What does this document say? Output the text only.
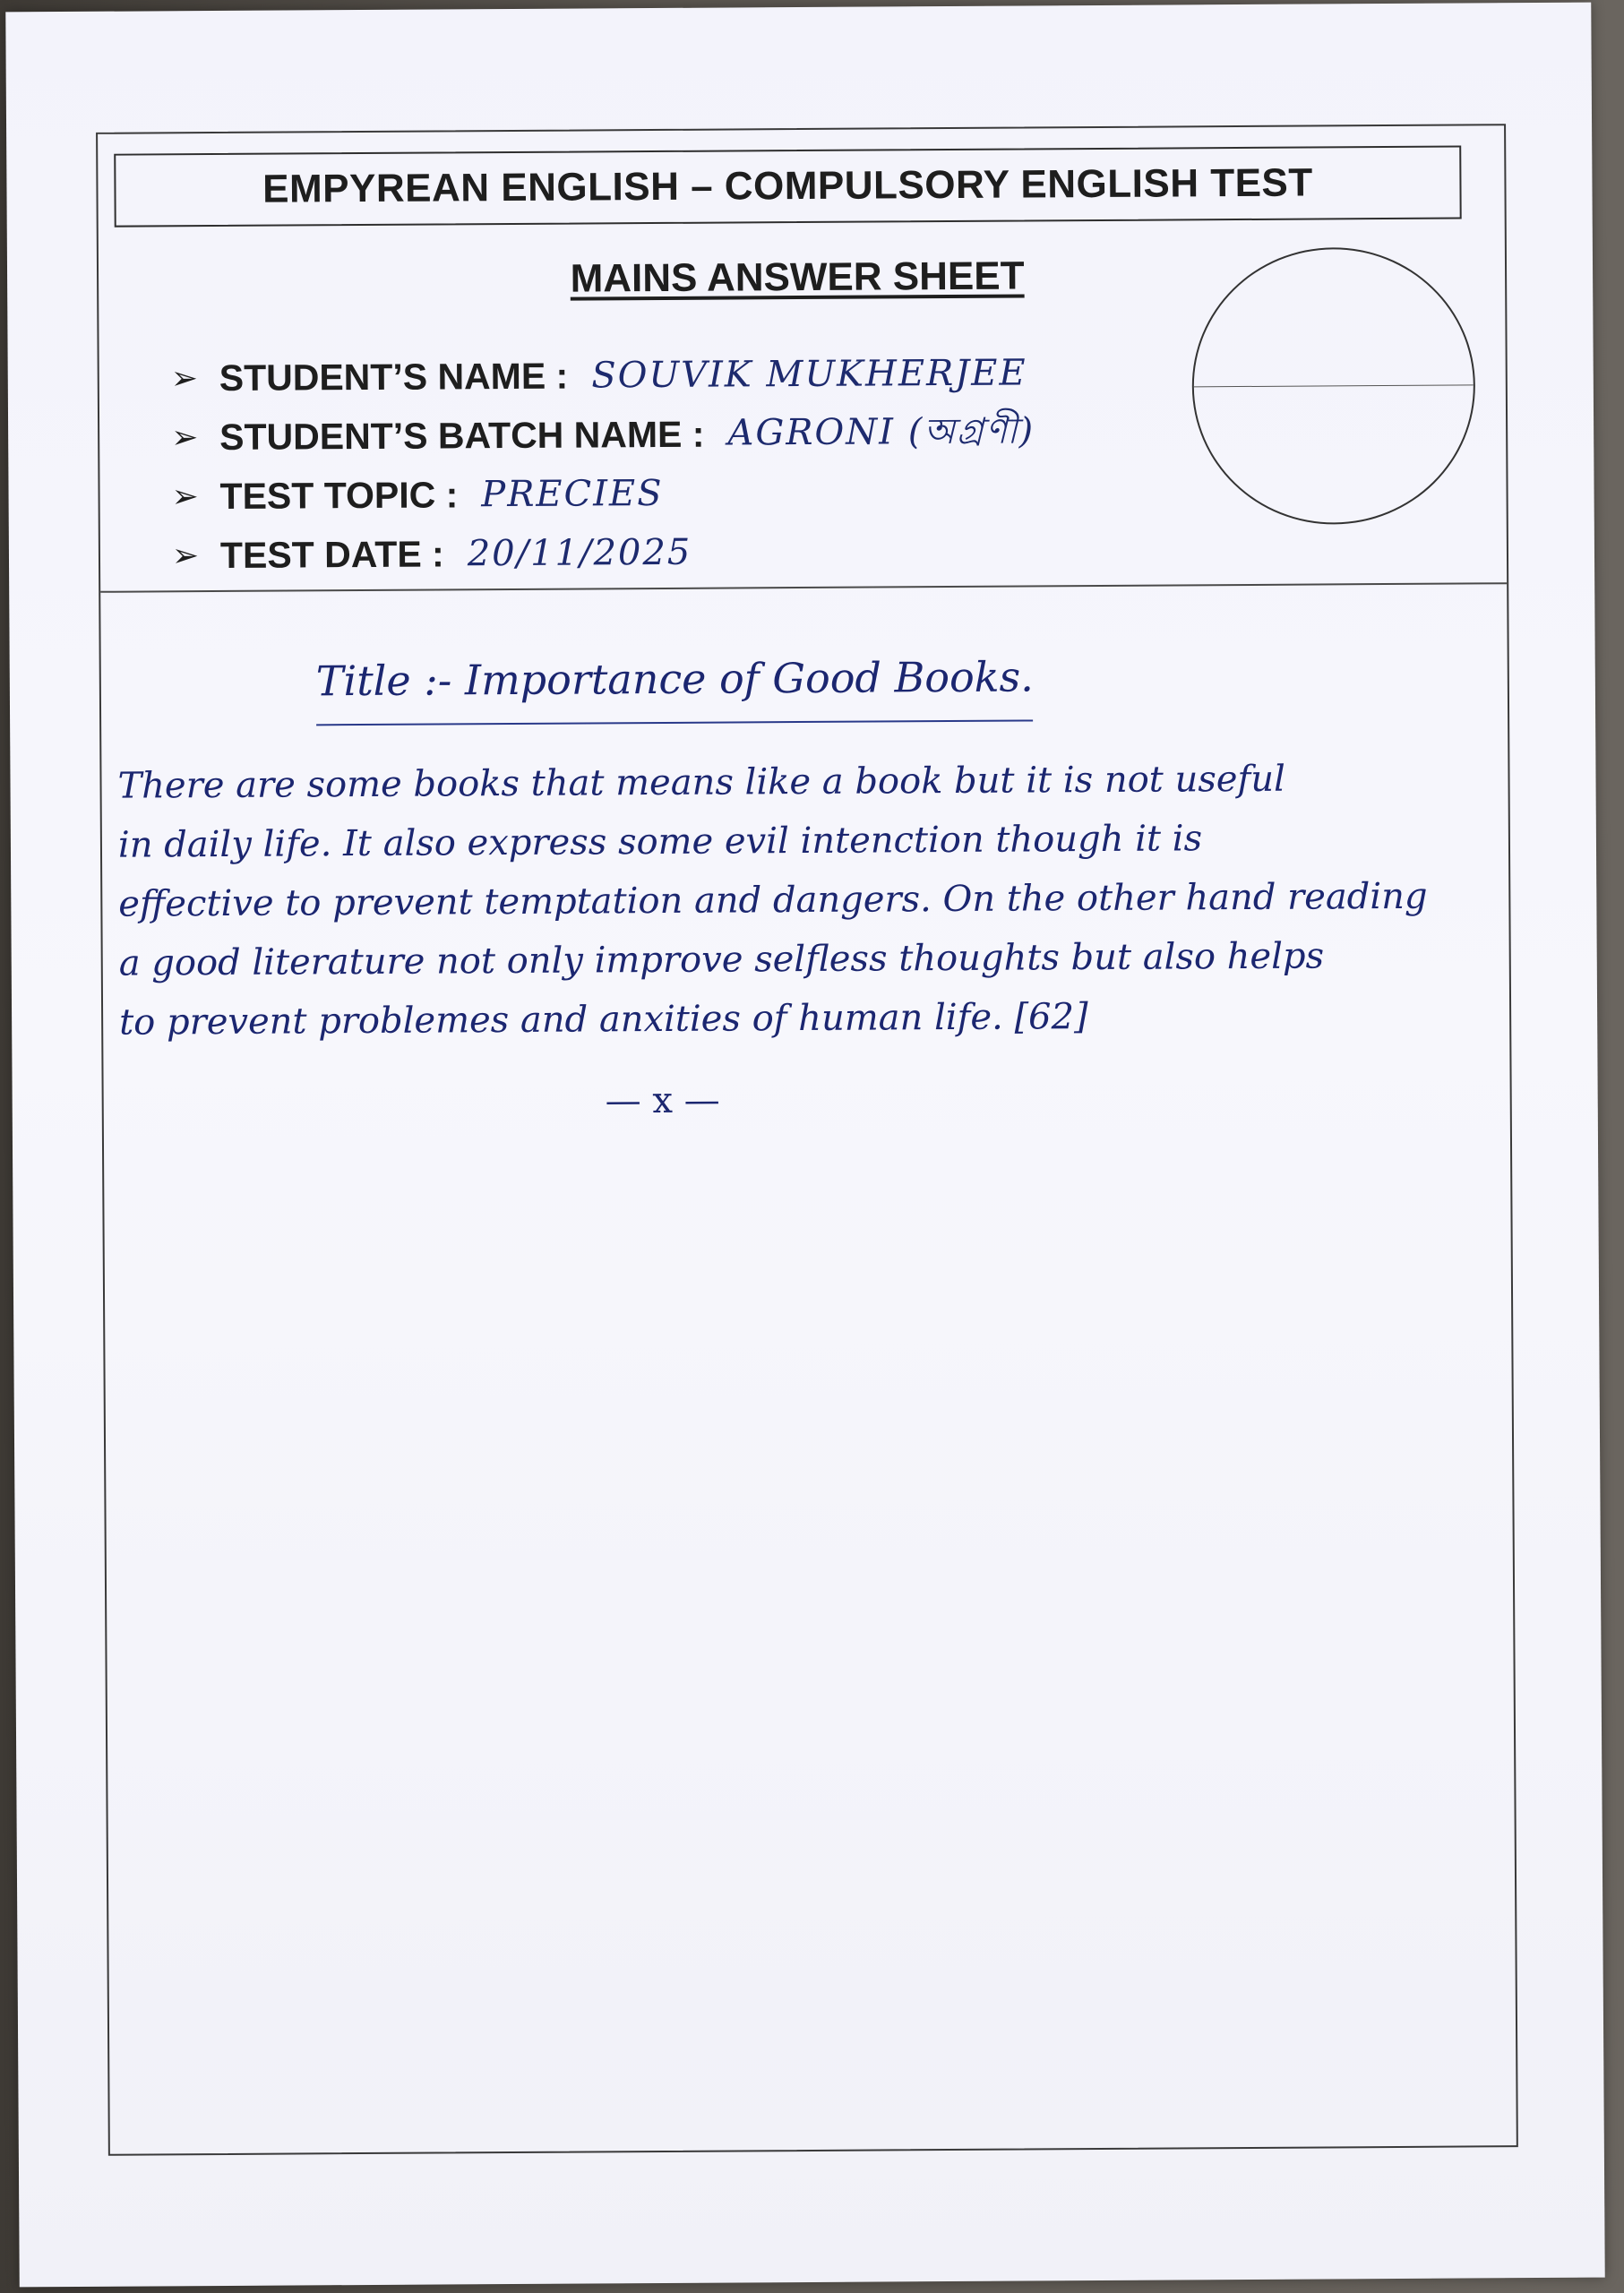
EMPYREAN ENGLISH – COMPULSORY ENGLISH TEST
MAINS ANSWER SHEET
➢ STUDENT’S NAME : SOUVIK MUKHERJEE
➢ STUDENT’S BATCH NAME : AGRONI (অগ্রণী)
➢ TEST TOPIC : PRECIES
➢ TEST DATE : 20/11/2025
Title :- Importance of Good Books.
There are some books that means like a book but it is not useful
in daily life. It also express some evil intenction though it is
effective to prevent temptation and dangers. On the other hand reading
a good literature not only improve selfless thoughts but also helps
to prevent problemes and anxities of human life. [62]
— x —
